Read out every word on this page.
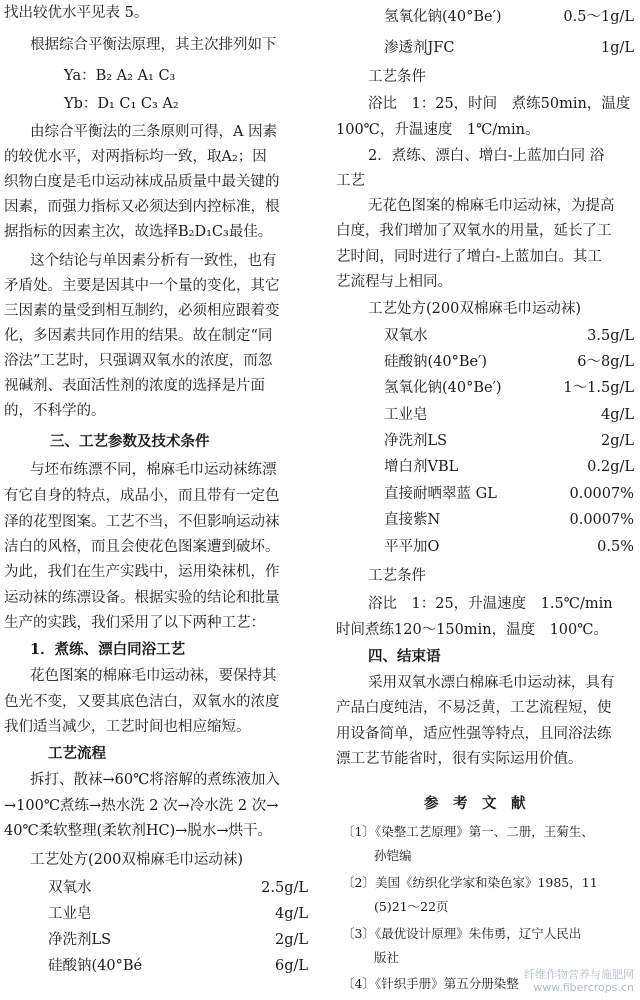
找出较优水平见表 5。
根据综合平衡法原理，其主次排列如下
Ya：B₂ A₂ A₁ C₃
Yb：D₁ C₁ C₃ A₂
由综合平衡法的三条原则可得，A 因素
的较优水平，对两指标均一致，取A₂；因
织物白度是毛巾运动袜成品质量中最关键的
因素，而强力指标又必须达到内控标准，根
据指标的因素主次，故选择B₂D₁C₃最佳。
这个结论与单因素分析有一致性，也有
矛盾处。主要是因其中一个量的变化，其它
三因素的量受到相互制约，必须相应跟着变
化，多因素共同作用的结果。故在制定“同
浴法”工艺时，只强调双氧水的浓度，而忽
视碱剂、表面活性剂的浓度的选择是片面
的，不科学的。
三、工艺参数及技术条件
与坯布练漂不同，棉麻毛巾运动袜练漂
有它自身的特点，成品小，而且带有一定色
泽的花型图案。工艺不当，不但影响运动袜
洁白的风格，而且会使花色图案遭到破坏。
为此，我们在生产实践中，运用染袜机，作
运动袜的练漂设备。根据实验的结论和批量
生产的实践，我们采用了以下两种工艺：
1．煮练、漂白同浴工艺
花色图案的棉麻毛巾运动袜，要保持其
色光不变，又要其底色洁白，双氧水的浓度
我们适当减少，工艺时间也相应缩短。
工艺流程
拆打、散袜→60℃将溶解的煮练液加入
→100℃煮练→热水洗 2 次→冷水洗 2 次→
40℃柔软整理(柔软剂HC)→脱水→烘干。
工艺处方(200双棉麻毛巾运动袜)
双氧水	2.5g/L
工业皂	4g/L
净洗剂LS	2g/L
硅酸钠(40°Bé	6g/L
氢氧化钠(40°Be′)	0.5～1g/L
渗透剂JFC	1g/L
工艺条件
浴比　1：25，时间　煮练50min，温度
100℃，升温速度　1℃/min。
2．煮练、漂白、增白-上蓝加白同 浴
工艺
无花色图案的棉麻毛巾运动袜，为提高
白度，我们增加了双氧水的用量，延长了工
艺时间，同时进行了增白-上蓝加白。其工
艺流程与上相同。
工艺处方(200双棉麻毛巾运动袜)
双氧水	3.5g/L
硅酸钠(40°Be′)	6～8g/L
氢氧化钠(40°Be′)	1～1.5g/L
工业皂	4g/L
净洗剂LS	2g/L
增白剂VBL	0.2g/L
直接耐晒翠蓝 GL	0.0007%
直接紫N	0.0007%
平平加O	0.5%
工艺条件
浴比　1：25，升温速度　1.5℃/min
时间煮练120～150min，温度　100℃。
四、结束语
采用双氧水漂白棉麻毛巾运动袜，具有
产品白度纯洁，不易泛黄，工艺流程短，使
用设备简单，适应性强等特点，且同浴法练
漂工艺节能省时，很有实际运用价值。
参　考　文　献
〔1〕《染整工艺原理》第一、二册，王菊生、
孙铠编
〔2〕美国《纺织化学家和染色家》1985，11
(5)21～22页
〔3〕《最优设计原理》朱伟勇，辽宁人民出
版社
〔4〕《针织手册》第五分册染整
纤维作物营养与施肥网
www.fibercrops.cn
